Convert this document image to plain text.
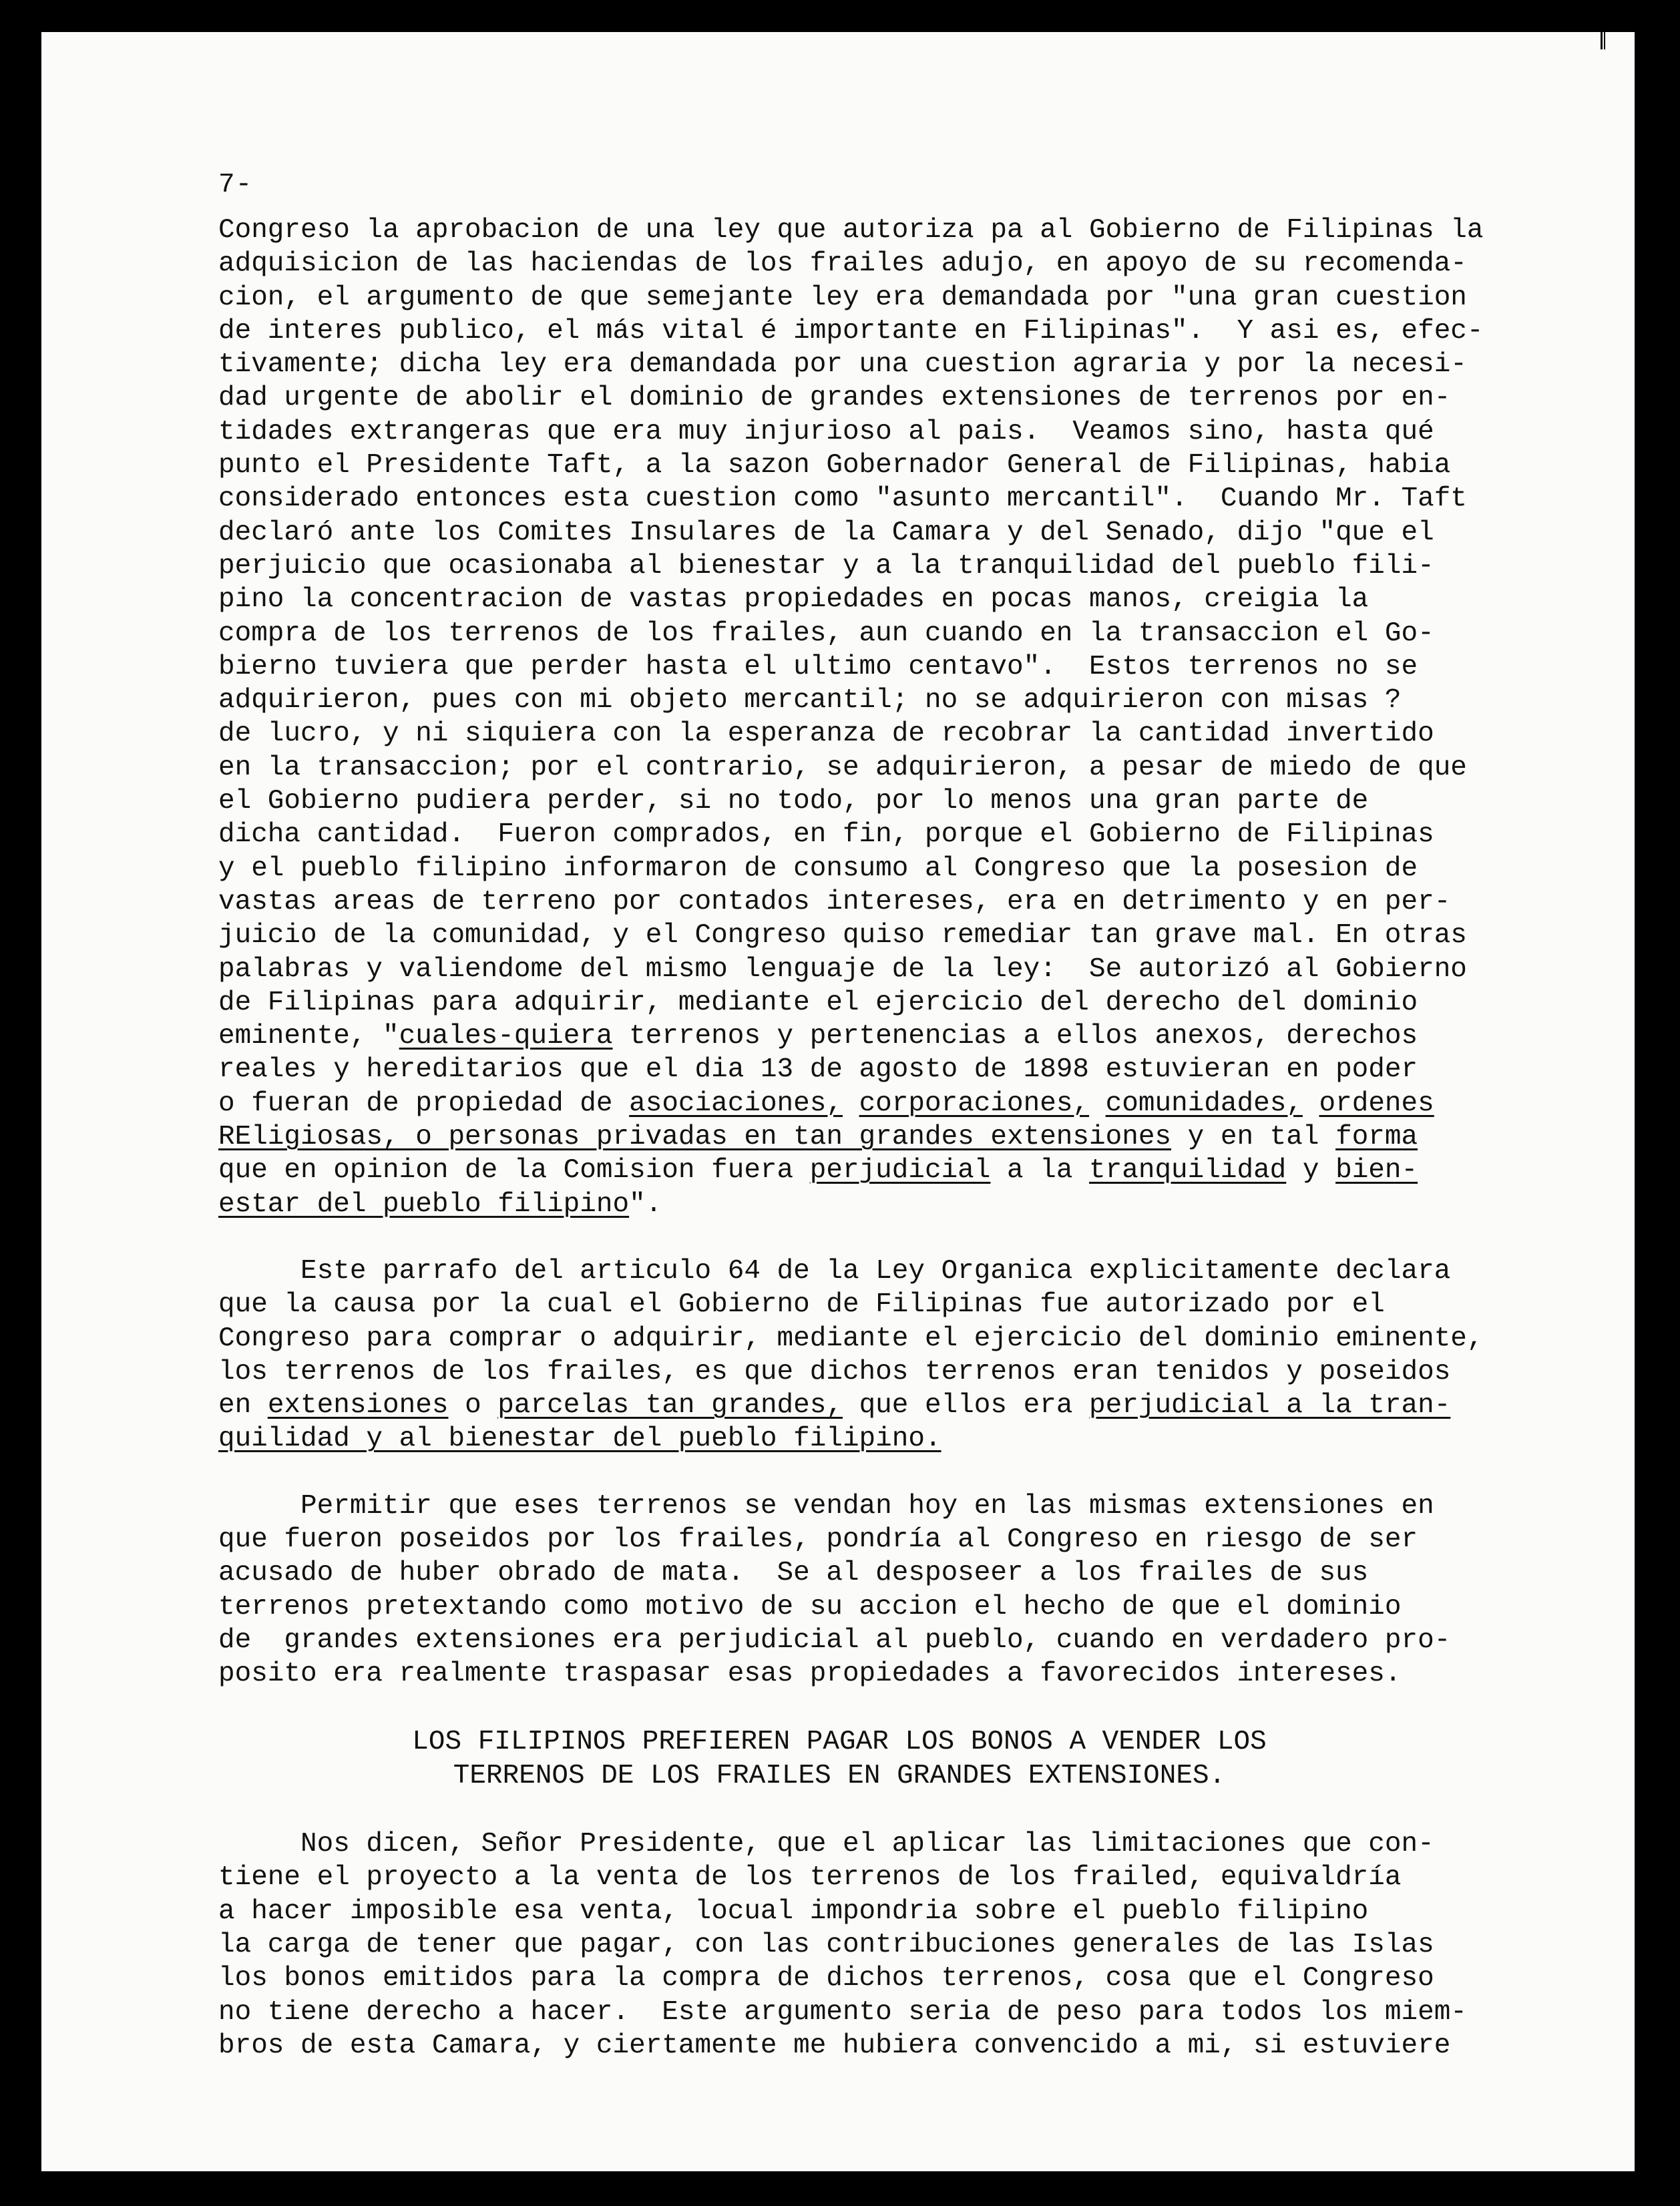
7-
Congreso la aprobacion de una ley que autoriza pa al Gobierno de Filipinas la
adquisicion de las haciendas de los frailes adujo, en apoyo de su recomenda-
cion, el argumento de que semejante ley era demandada por "una gran cuestion
de interes publico, el más vital é importante en Filipinas".  Y asi es, efec-
tivamente; dicha ley era demandada por una cuestion agraria y por la necesi-
dad urgente de abolir el dominio de grandes extensiones de terrenos por en-
tidades extrangeras que era muy injurioso al pais.  Veamos sino, hasta qué
punto el Presidente Taft, a la sazon Gobernador General de Filipinas, habia
considerado entonces esta cuestion como "asunto mercantil".  Cuando Mr. Taft
declaró ante los Comites Insulares de la Camara y del Senado, dijo "que el
perjuicio que ocasionaba al bienestar y a la tranquilidad del pueblo fili-
pino la concentracion de vastas propiedades en pocas manos, creigia la
compra de los terrenos de los frailes, aun cuando en la transaccion el Go-
bierno tuviera que perder hasta el ultimo centavo".  Estos terrenos no se
adquirieron, pues con mi objeto mercantil; no se adquirieron con misas ?
de lucro, y ni siquiera con la esperanza de recobrar la cantidad invertido
en la transaccion; por el contrario, se adquirieron, a pesar de miedo de que
el Gobierno pudiera perder, si no todo, por lo menos una gran parte de
dicha cantidad.  Fueron comprados, en fin, porque el Gobierno de Filipinas
y el pueblo filipino informaron de consumo al Congreso que la posesion de
vastas areas de terreno por contados intereses, era en detrimento y en per-
juicio de la comunidad, y el Congreso quiso remediar tan grave mal. En otras
palabras y valiendome del mismo lenguaje de la ley:  Se autorizó al Gobierno
de Filipinas para adquirir, mediante el ejercicio del derecho del dominio
eminente, "cuales-quiera terrenos y pertenencias a ellos anexos, derechos
reales y hereditarios que el dia 13 de agosto de 1898 estuvieran en poder
o fueran de propiedad de asociaciones, corporaciones, comunidades, ordenes
REligiosas, o personas privadas en tan grandes extensiones y en tal forma
que en opinion de la Comision fuera perjudicial a la tranquilidad y bien-
estar del pueblo filipino".
Este parrafo del articulo 64 de la Ley Organica explicitamente declara
que la causa por la cual el Gobierno de Filipinas fue autorizado por el
Congreso para comprar o adquirir, mediante el ejercicio del dominio eminente,
los terrenos de los frailes, es que dichos terrenos eran tenidos y poseidos
en extensiones o parcelas tan grandes, que ellos era perjudicial a la tran-
quilidad y al bienestar del pueblo filipino.
Permitir que eses terrenos se vendan hoy en las mismas extensiones en
que fueron poseidos por los frailes, pondría al Congreso en riesgo de ser
acusado de huber obrado de mata.  Se al desposeer a los frailes de sus
terrenos pretextando como motivo de su accion el hecho de que el dominio
de  grandes extensiones era perjudicial al pueblo, cuando en verdadero pro-
posito era realmente traspasar esas propiedades a favorecidos intereses.
LOS FILIPINOS PREFIEREN PAGAR LOS BONOS A VENDER LOS
TERRENOS DE LOS FRAILES EN GRANDES EXTENSIONES.
Nos dicen, Señor Presidente, que el aplicar las limitaciones que con-
tiene el proyecto a la venta de los terrenos de los frailed, equivaldría
a hacer imposible esa venta, locual impondria sobre el pueblo filipino
la carga de tener que pagar, con las contribuciones generales de las Islas
los bonos emitidos para la compra de dichos terrenos, cosa que el Congreso
no tiene derecho a hacer.  Este argumento seria de peso para todos los miem-
bros de esta Camara, y ciertamente me hubiera convencido a mi, si estuviere
